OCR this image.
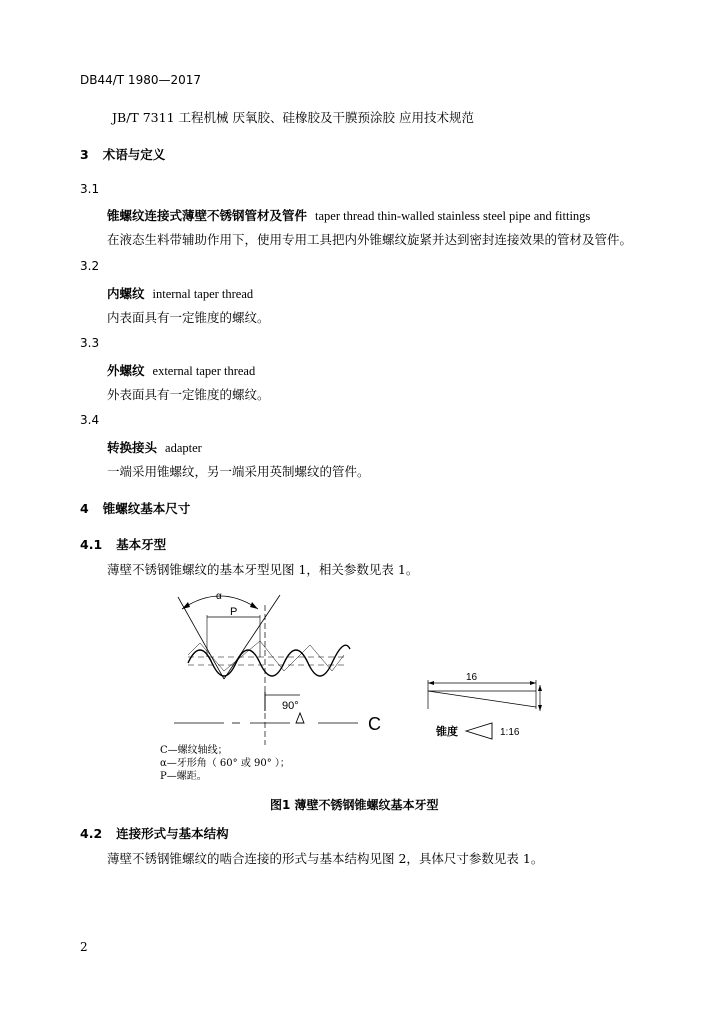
DB44/T 1980—2017
JB/T 7311 工程机械 厌氧胶、硅橡胶及干膜预涂胶 应用技术规范
3 术语与定义
3.1
锥螺纹连接式薄壁不锈钢管材及管件 taper thread thin-walled stainless steel pipe and fittings
在液态生料带辅助作用下，使用专用工具把内外锥螺纹旋紧并达到密封连接效果的管材及管件。
3.2
内螺纹 internal taper thread
内表面具有一定锥度的螺纹。
3.3
外螺纹 external taper thread
外表面具有一定锥度的螺纹。
3.4
转换接头 adapter
一端采用锥螺纹，另一端采用英制螺纹的管件。
4 锥螺纹基本尺寸
4.1 基本牙型
薄壁不锈钢锥螺纹的基本牙型见图 1，相关参数见表 1。
α
P
90°
C
16
锥度	1:16
C—螺纹轴线；
α—牙形角（ 60° 或 90° ）；
P—螺距。
图1 薄壁不锈钢锥螺纹基本牙型
4.2 连接形式与基本结构
薄壁不锈钢锥螺纹的啮合连接的形式与基本结构见图 2，具体尺寸参数见表 1。
2
